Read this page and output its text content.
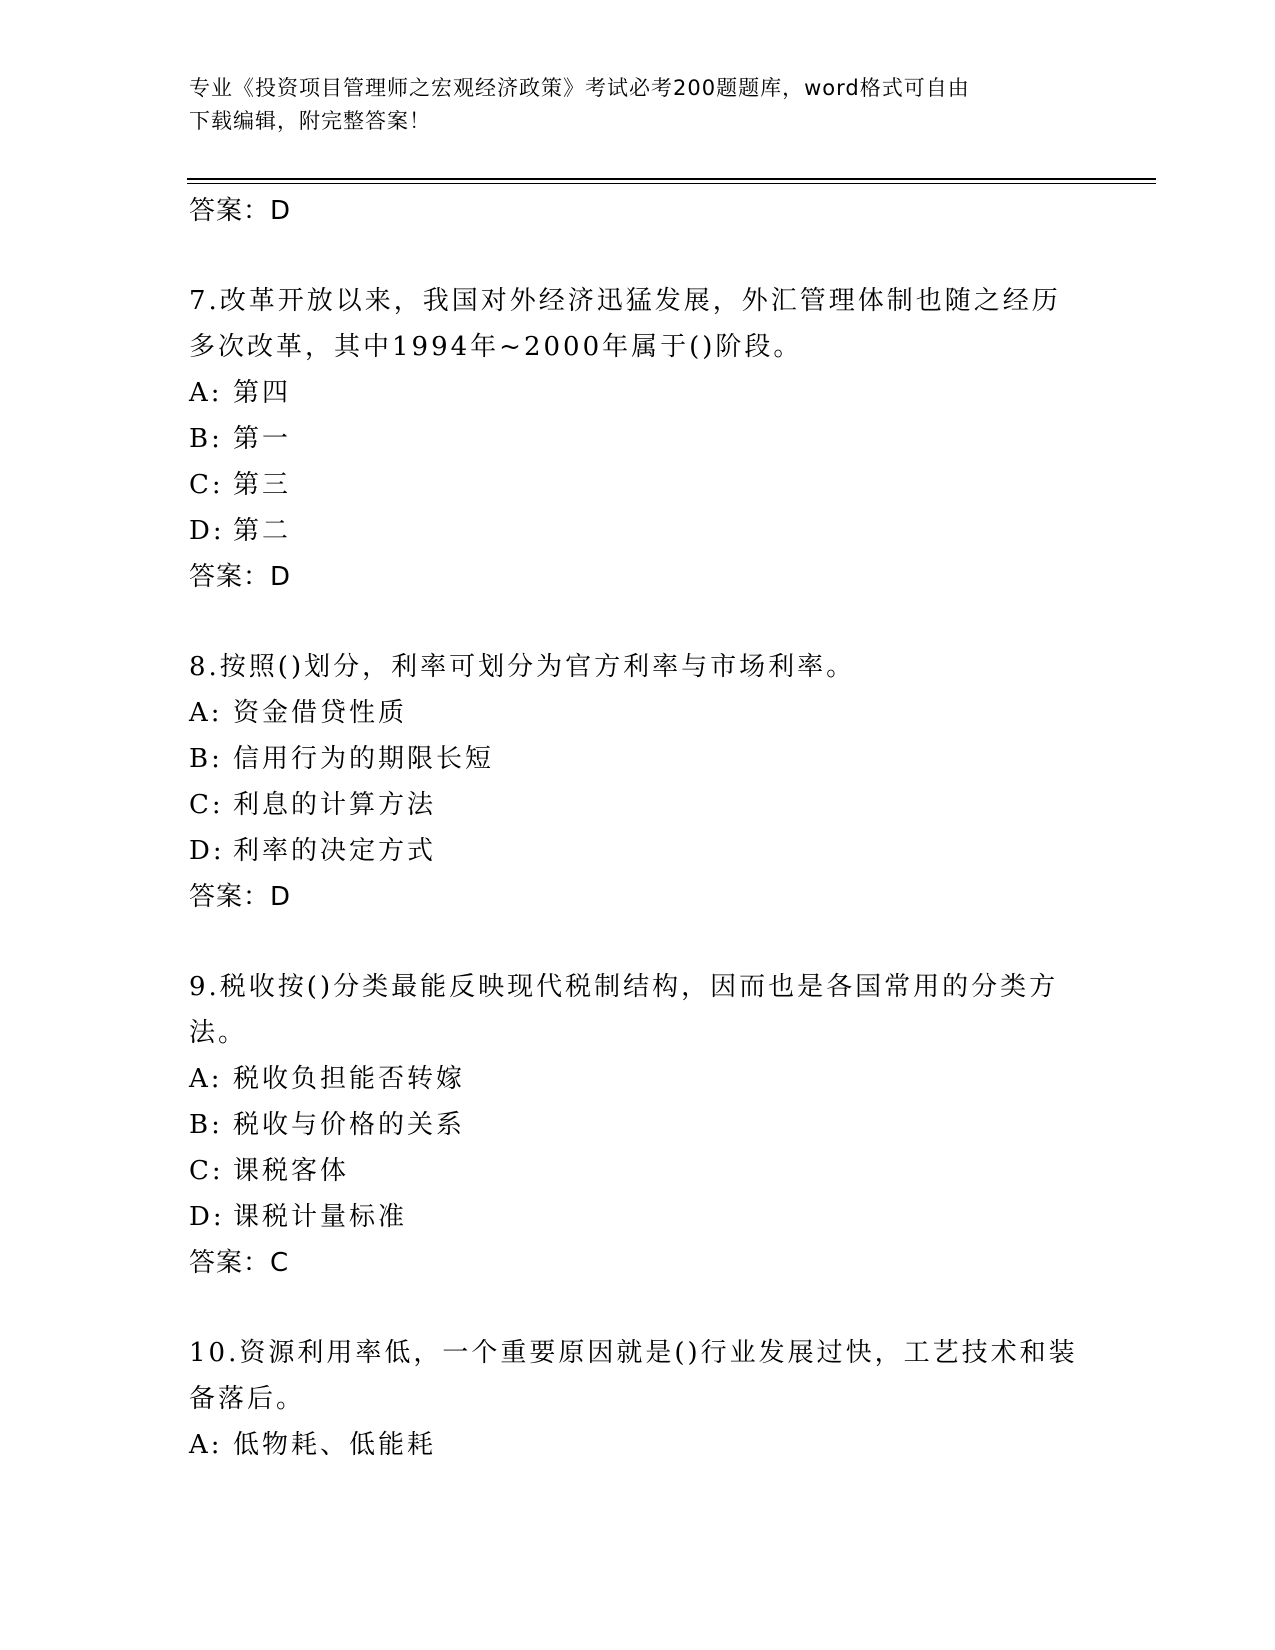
专业《投资项目管理师之宏观经济政策》考试必考200题题库，word格式可自由
下载编辑，附完整答案！

答案：D

7.改革开放以来，我国对外经济迅猛发展，外汇管理体制也随之经历

多次改革，其中1994年~2000年属于()阶段。

A: 第四

B: 第一

C: 第三

D: 第二

答案：D

8.按照()划分，利率可划分为官方利率与市场利率。

A: 资金借贷性质

B: 信用行为的期限长短

C: 利息的计算方法

D: 利率的决定方式

答案：D

9.税收按()分类最能反映现代税制结构，因而也是各国常用的分类方

法。

A: 税收负担能否转嫁

B: 税收与价格的关系

C: 课税客体

D: 课税计量标准

答案：C

10.资源利用率低，一个重要原因就是()行业发展过快，工艺技术和装

备落后。

A: 低物耗、低能耗
